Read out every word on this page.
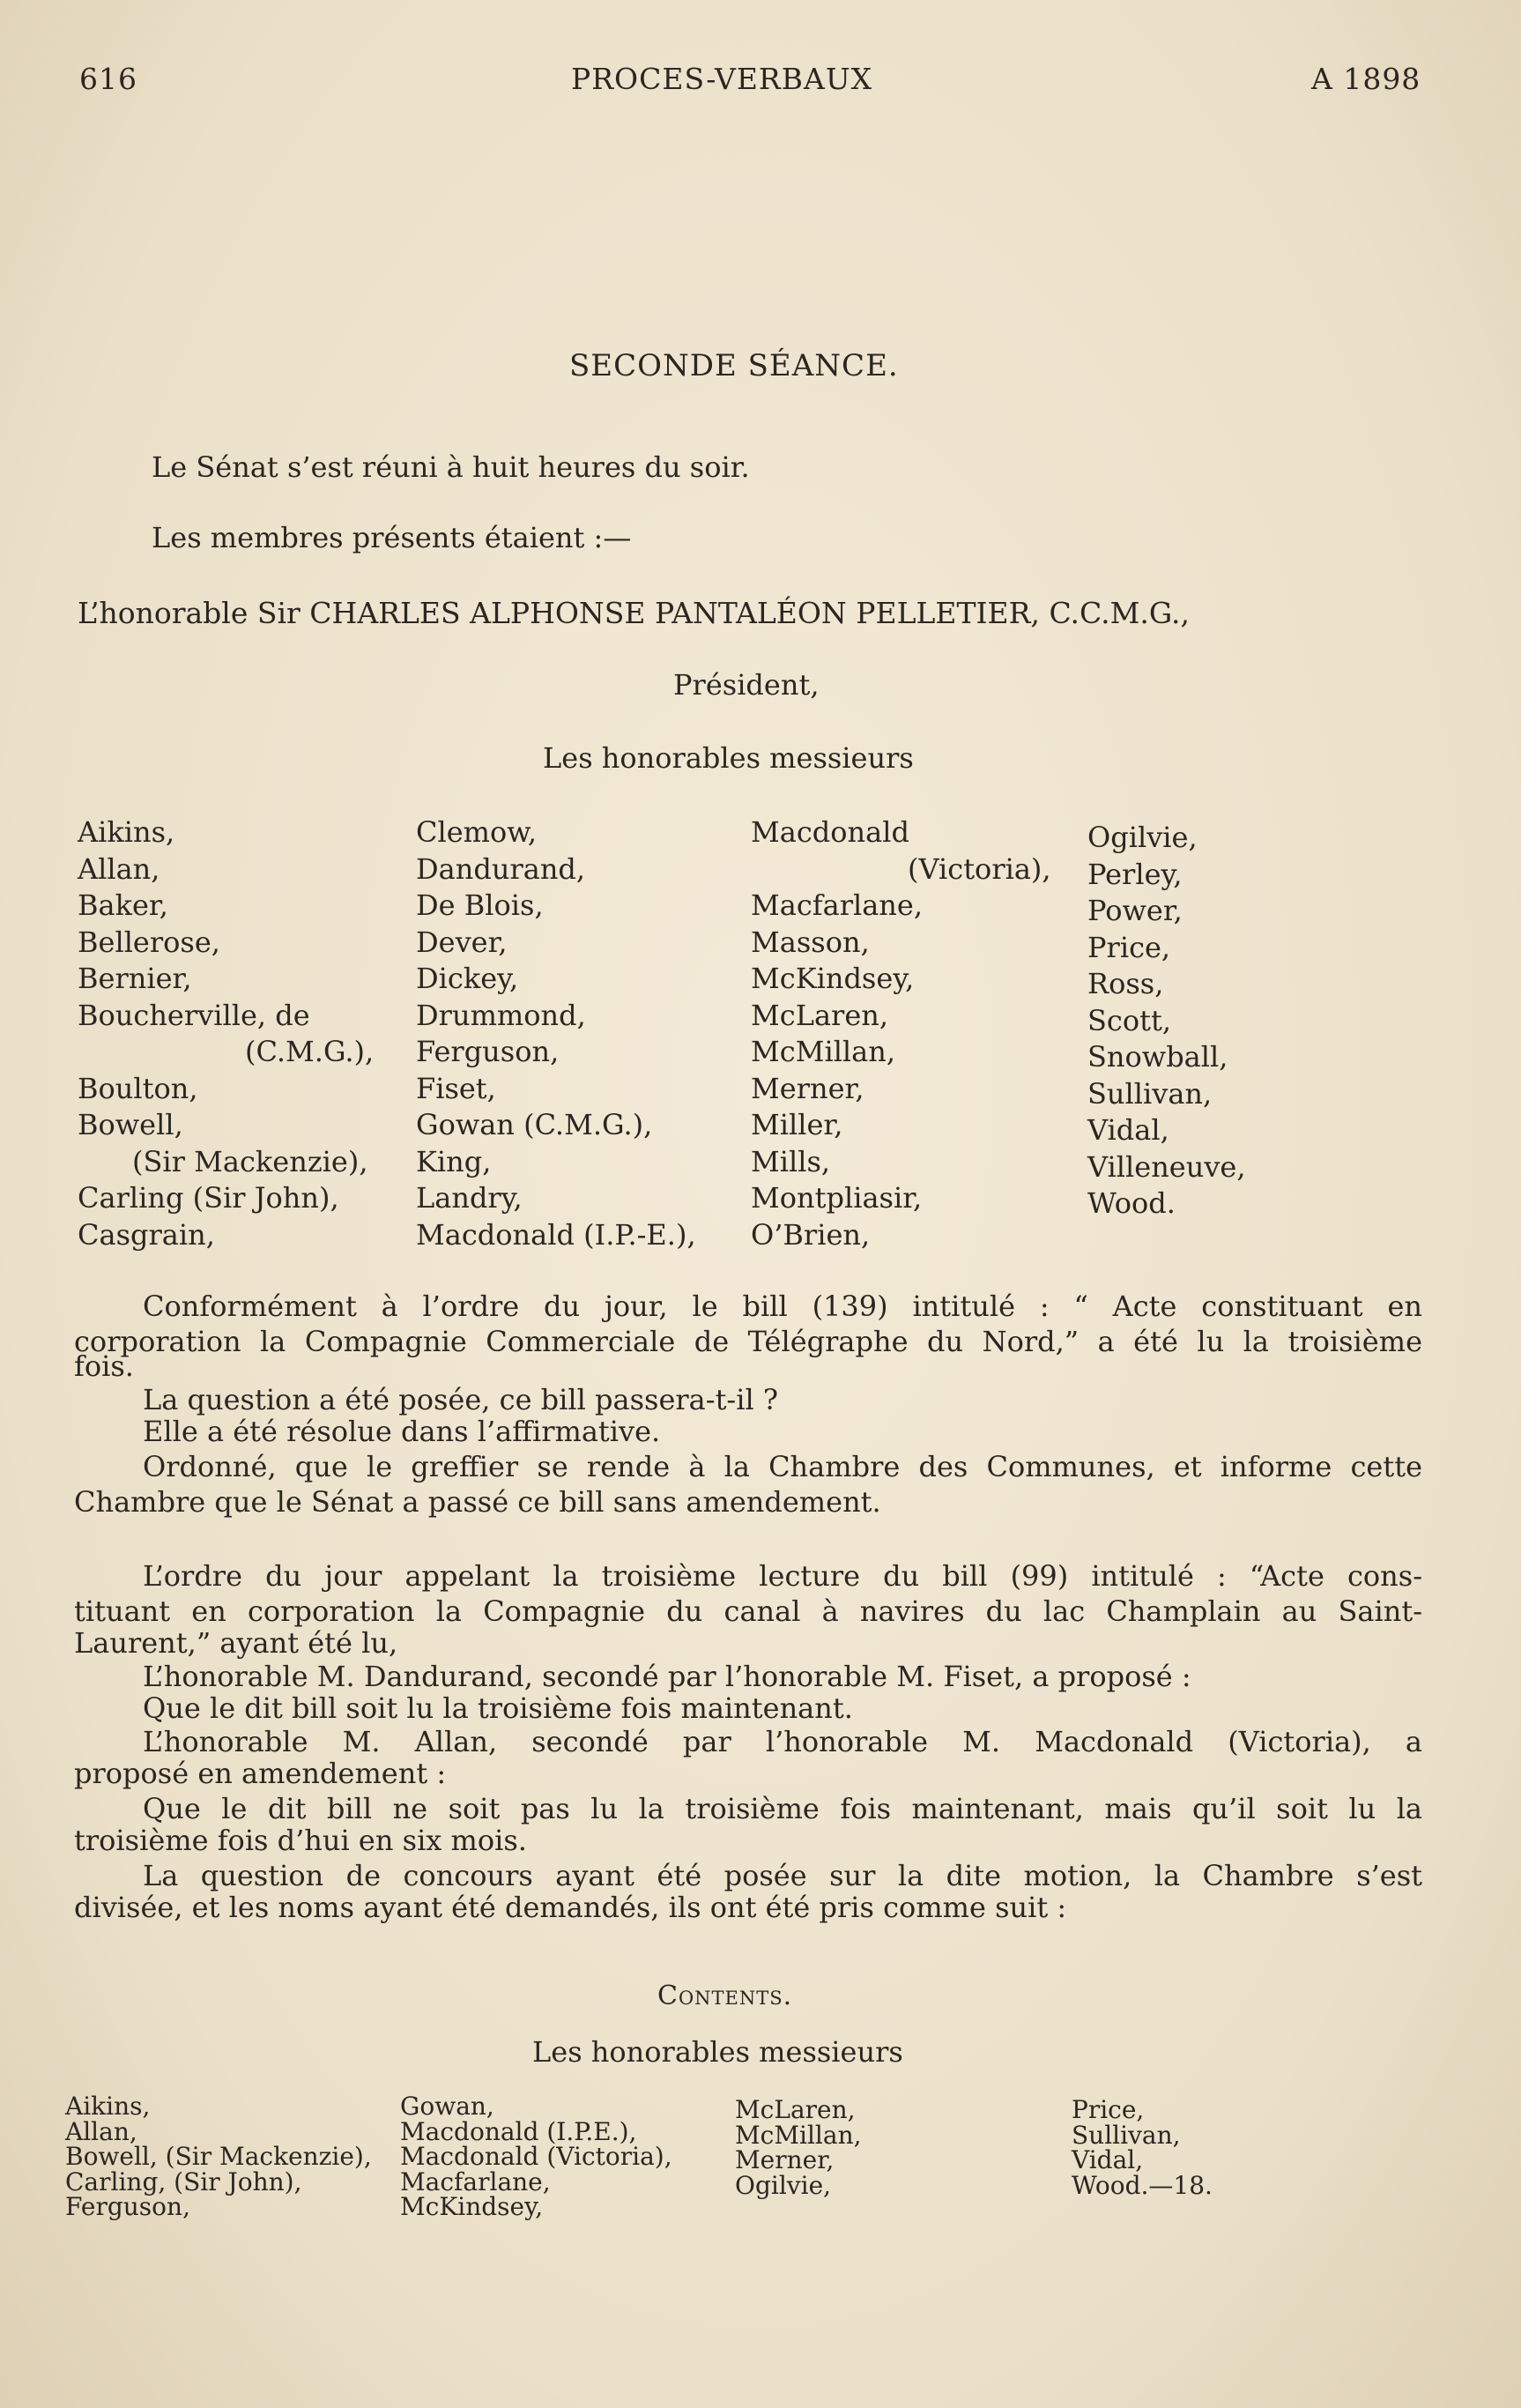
616	PROCES-VERBAUX	A 1898
SECONDE SÉANCE.
Le Sénat s’est réuni à huit heures du soir.
Les membres présents étaient :—
L’honorable Sir CHARLES ALPHONSE PANTALÉON PELLETIER, C.C.M.G.,
Président,
Les honorables messieurs
Aikins,
Allan,
Baker,
Bellerose,
Bernier,
Boucherville, de
(C.M.G.),
Boulton,
Bowell,
(Sir Mackenzie),
Carling (Sir John),
Casgrain,
Clemow,
Dandurand,
De Blois,
Dever,
Dickey,
Drummond,
Ferguson,
Fiset,
Gowan (C.M.G.),
King,
Landry,
Macdonald (I.P.-E.),
Macdonald
(Victoria),
Macfarlane,
Masson,
McKindsey,
McLaren,
McMillan,
Merner,
Miller,
Mills,
Montpliasir,
O’Brien,
Ogilvie,
Perley,
Power,
Price,
Ross,
Scott,
Snowball,
Sullivan,
Vidal,
Villeneuve,
Wood.
Conformément à l’ordre du jour, le bill (139) intitulé : “ Acte constituant en
corporation la Compagnie Commerciale de Télégraphe du Nord,” a été lu la troisième
fois.
La question a été posée, ce bill passera-t-il ?
Elle a été résolue dans l’affirmative.
Ordonné, que le greffier se rende à la Chambre des Communes, et informe cette
Chambre que le Sénat a passé ce bill sans amendement.
L’ordre du jour appelant la troisième lecture du bill (99) intitulé : “Acte cons-
tituant en corporation la Compagnie du canal à navires du lac Champlain au Saint-
Laurent,” ayant été lu,
L’honorable M. Dandurand, secondé par l’honorable M. Fiset, a proposé :
Que le dit bill soit lu la troisième fois maintenant.
L’honorable M. Allan, secondé par l’honorable M. Macdonald (Victoria), a
proposé en amendement :
Que le dit bill ne soit pas lu la troisième fois maintenant, mais qu’il soit lu la
troisième fois d’hui en six mois.
La question de concours ayant été posée sur la dite motion, la Chambre s’est
divisée, et les noms ayant été demandés, ils ont été pris comme suit :
Contents.
Les honorables messieurs
Aikins,
Allan,
Bowell, (Sir Mackenzie),
Carling, (Sir John),
Ferguson,
Gowan,
Macdonald (I.P.E.),
Macdonald (Victoria),
Macfarlane,
McKindsey,
McLaren,
McMillan,
Merner,
Ogilvie,
Price,
Sullivan,
Vidal,
Wood.—18.
